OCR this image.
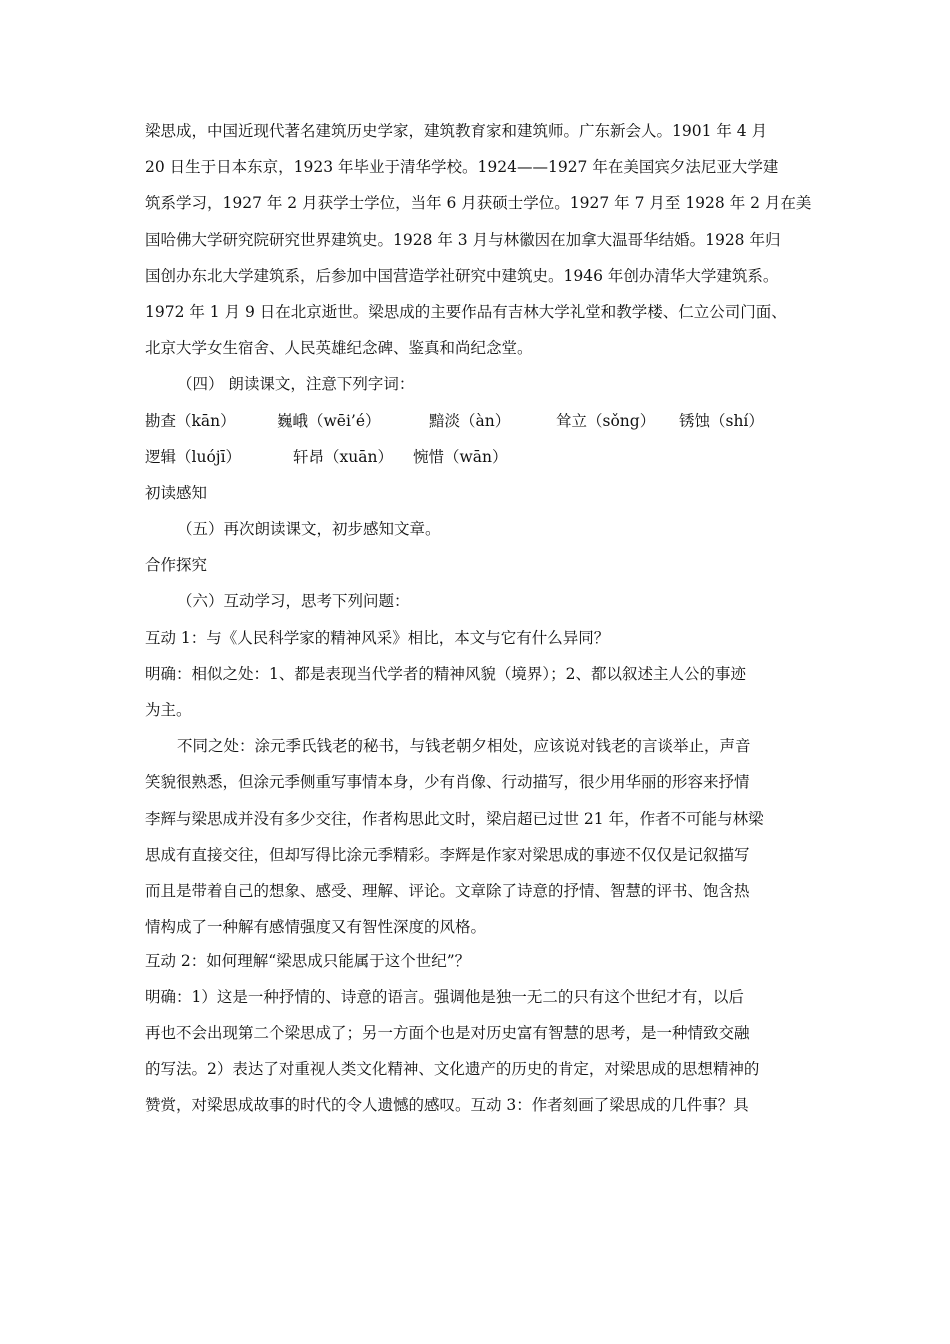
梁思成，中国近现代著名建筑历史学家，建筑教育家和建筑师。广东新会人。1901 年 4 月
20 日生于日本东京，1923 年毕业于清华学校。1924——1927 年在美国宾夕法尼亚大学建
筑系学习，1927 年 2 月获学士学位，当年 6 月获硕士学位。1927 年 7 月至 1928 年 2 月在美
国哈佛大学研究院研究世界建筑史。1928 年 3 月与林徽因在加拿大温哥华结婚。1928 年归
国创办东北大学建筑系，后参加中国营造学社研究中建筑史。1946 年创办清华大学建筑系。
1972 年 1 月 9 日在北京逝世。梁思成的主要作品有吉林大学礼堂和教学楼、仁立公司门面、
北京大学女生宿舍、人民英雄纪念碑、鉴真和尚纪念堂。
（四） 朗读课文，注意下列字词：
勘查（kān）	巍峨（wēi’é）	黯淡（àn）	耸立（sǒng）	锈蚀（shí）
逻辑（luójī）	轩昂（xuān）	惋惜（wān）
初读感知
（五）再次朗读课文，初步感知文章。
合作探究
（六）互动学习，思考下列问题：
互动 1：与《人民科学家的精神风采》相比，本文与它有什么异同？
明确：相似之处：1、都是表现当代学者的精神风貌（境界）；2、都以叙述主人公的事迹
为主。
不同之处：涂元季氏钱老的秘书，与钱老朝夕相处，应该说对钱老的言谈举止，声音
笑貌很熟悉，但涂元季侧重写事情本身，少有肖像、行动描写，很少用华丽的形容来抒情
李辉与梁思成并没有多少交往，作者构思此文时，梁启超已过世 21 年，作者不可能与林梁
思成有直接交往，但却写得比涂元季精彩。李辉是作家对梁思成的事迹不仅仅是记叙描写
而且是带着自己的想象、感受、理解、评论。文章除了诗意的抒情、智慧的评书、饱含热
情构成了一种解有感情强度又有智性深度的风格。
互动 2：如何理解“梁思成只能属于这个世纪”？
明确：1）这是一种抒情的、诗意的语言。强调他是独一无二的只有这个世纪才有，以后
再也不会出现第二个梁思成了；另一方面个也是对历史富有智慧的思考，是一种情致交融
的写法。2）表达了对重视人类文化精神、文化遗产的历史的肯定，对梁思成的思想精神的
赞赏，对梁思成故事的时代的令人遗憾的感叹。互动 3：作者刻画了梁思成的几件事？具
